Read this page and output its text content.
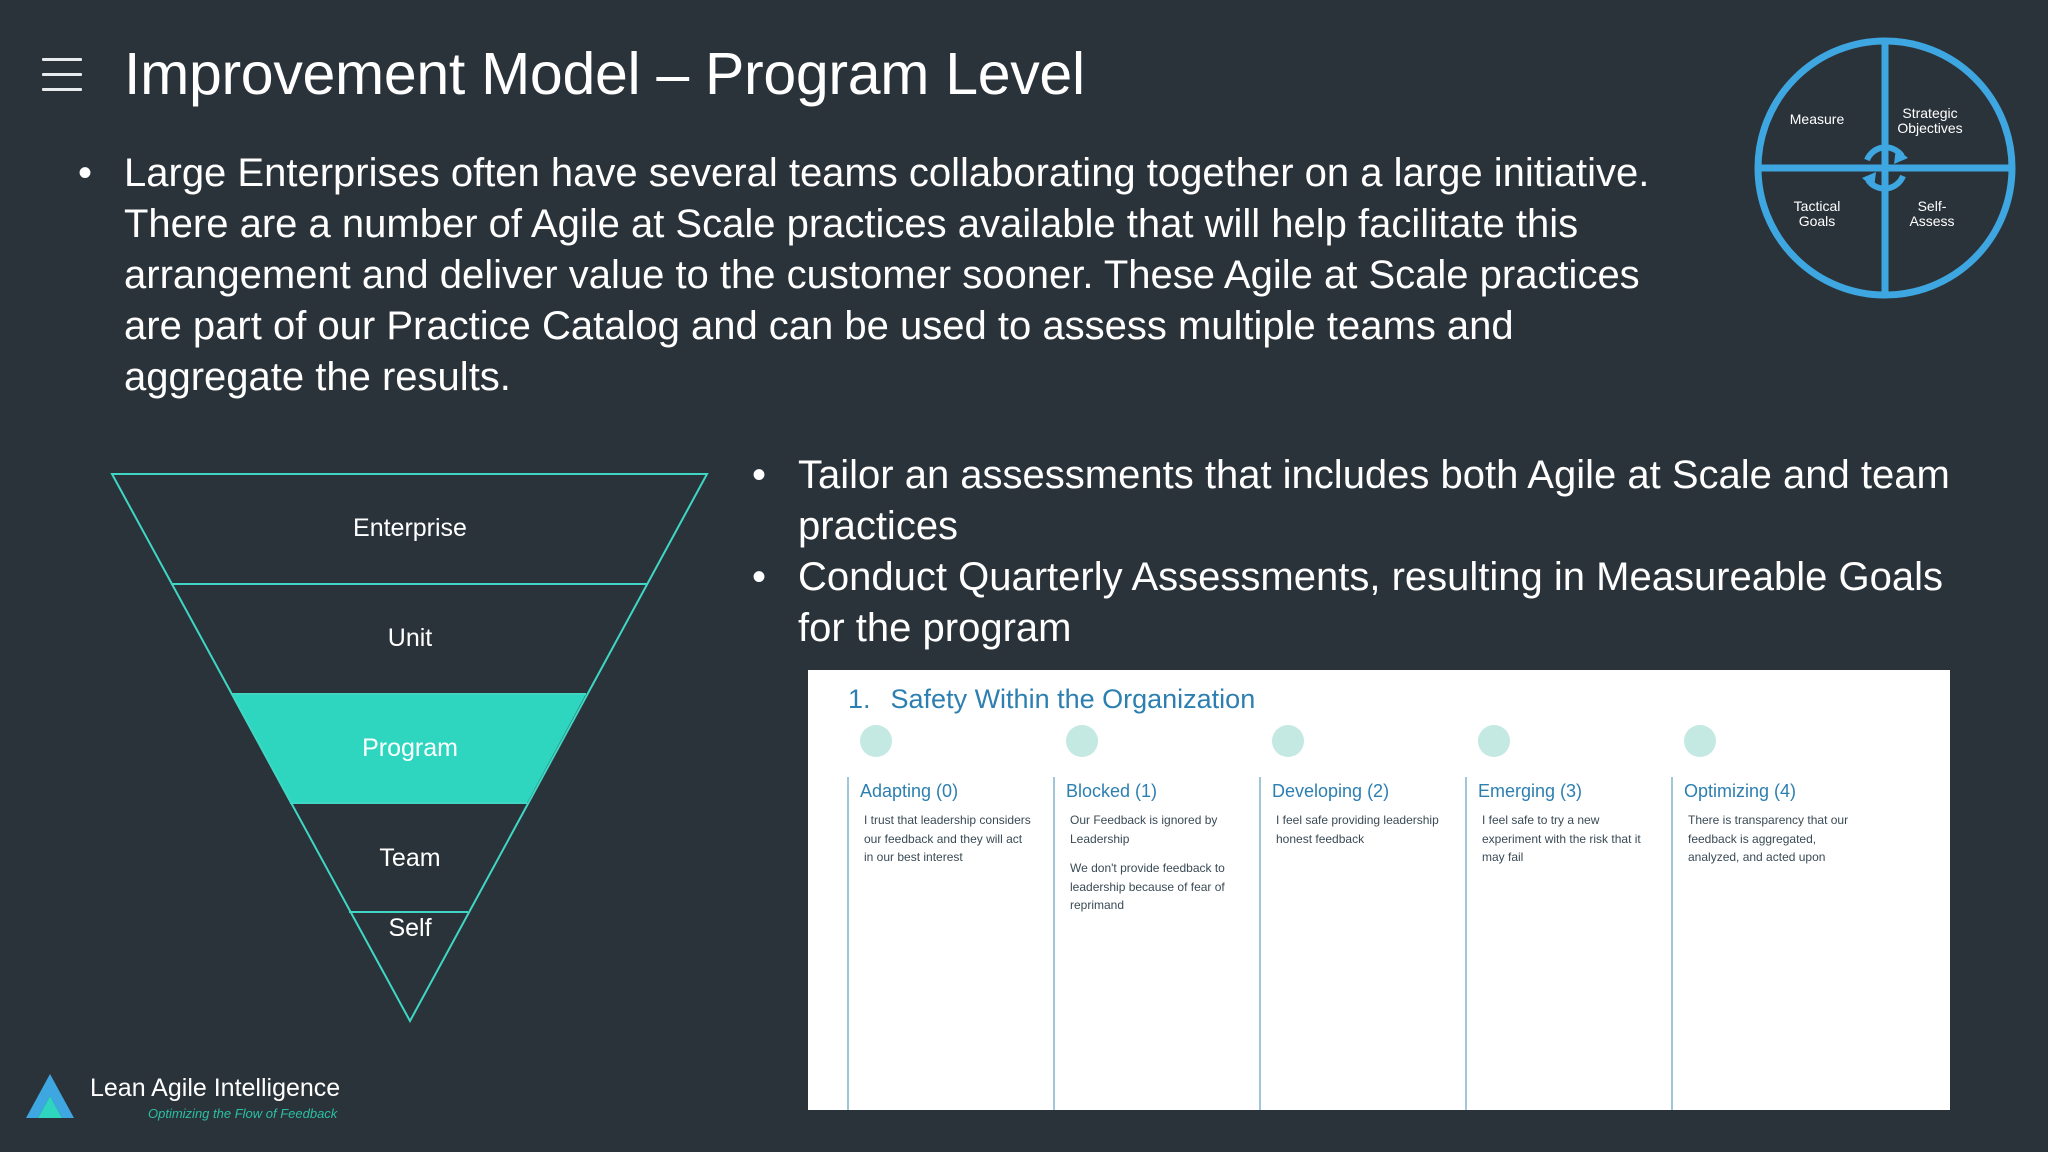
Improvement Model – Program Level
• Large Enterprises often have several teams collaborating together on a large initiative. There are a number of Agile at Scale practices available that will help facilitate this arrangement and deliver value to the customer sooner. These Agile at Scale practices are part of our Practice Catalog and can be used to assess multiple teams and aggregate the results.
Measure	Strategic
Objectives
Tactical
Goals
Self-
Assess
Enterprise
Unit
Program
Team
Self
• Tailor an assessments that includes both Agile at Scale and team practices
• Conduct Quarterly Assessments, resulting in Measureable Goals for the program
1. Safety Within the Organization
Adapting (0)

I trust that leadership considers our feedback and they will act in our best interest

Blocked (1)

Our Feedback is ignored by Leadership

We don't provide feedback to leadership because of fear of reprimand

Developing (2)

I feel safe providing leadership honest feedback

Emerging (3)

I feel safe to try a new experiment with the risk that it may fail

Optimizing (4)

There is transparency that our feedback is aggregated, analyzed, and acted upon

Lean Agile Intelligence
Optimizing the Flow of Feedback
